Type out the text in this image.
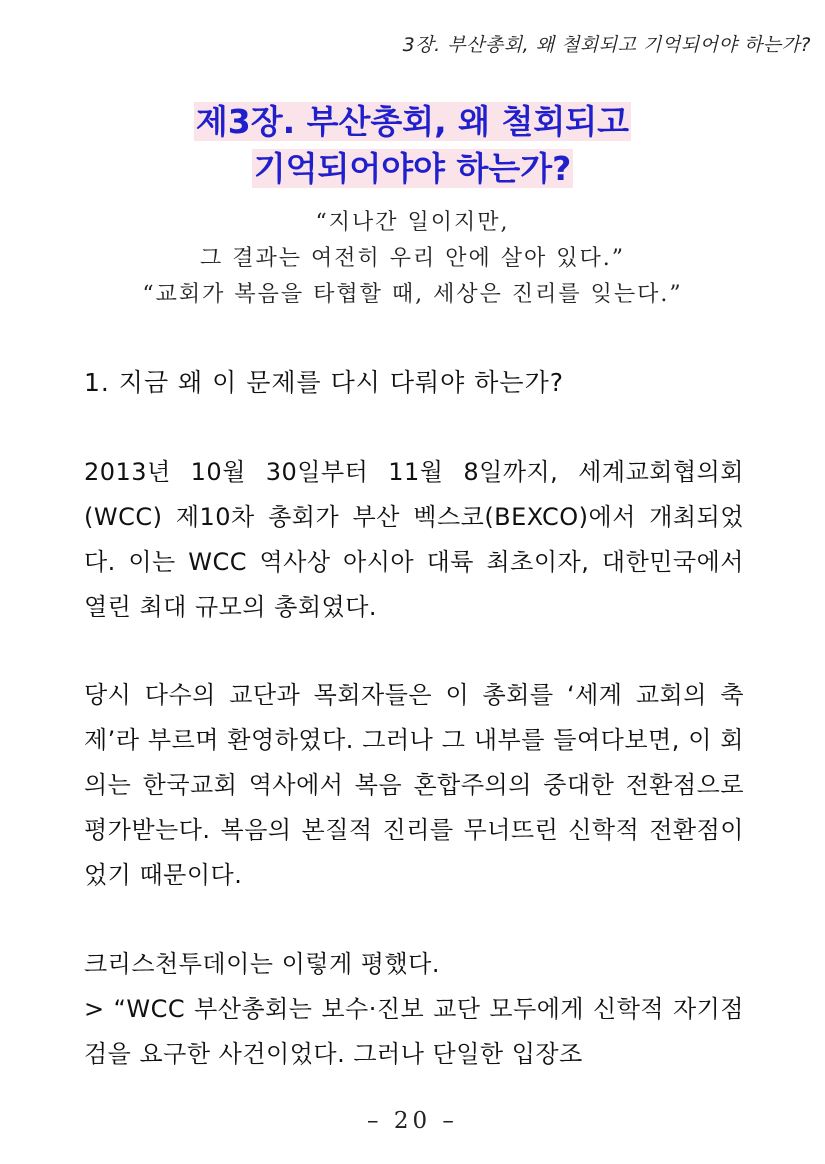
3장. 부산총회, 왜 철회되고 기억되어야 하는가?
제3장. 부산총회, 왜 철회되고
기억되어야야 하는가?
“지나간 일이지만,
그 결과는 여전히 우리 안에 살아 있다.”
“교회가 복음을 타협할 때, 세상은 진리를 잊는다.”
1. 지금 왜 이 문제를 다시 다뤄야 하는가?
2013년 10월 30일부터 11월 8일까지, 세계교회협의회(WCC) 제10차 총회가 부산 벡스코(BEXCO)에서 개최되었다. 이는 WCC 역사상 아시아 대륙 최초이자, 대한민국에서 열린 최대 규모의 총회였다.
당시 다수의 교단과 목회자들은 이 총회를 ‘세계 교회의 축제’라 부르며 환영하였다. 그러나 그 내부를 들여다보면, 이 회의는 한국교회 역사에서 복음 혼합주의의 중대한 전환점으로 평가받는다. 복음의 본질적 진리를 무너뜨린 신학적 전환점이었기 때문이다.
크리스천투데이는 이렇게 평했다.
> “WCC 부산총회는 보수·진보 교단 모두에게 신학적 자기점검을 요구한 사건이었다. 그러나 단일한 입장조
– 20 –
